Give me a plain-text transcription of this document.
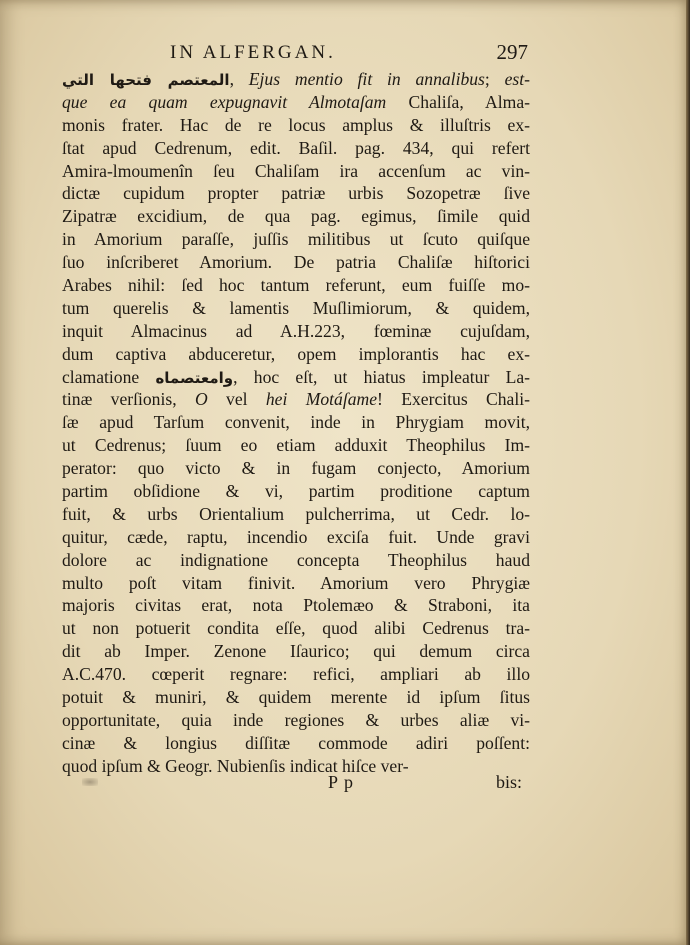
IN ALFERGAN.	297
المعتصم فتحها التي, Ejus mentio fit in annalibus; est-
que ea quam expugnavit Almotaſam Chaliſa, Alma-
monis frater. Hac de re locus amplus & illuſtris ex-
ſtat apud Cedrenum, edit. Baſil. pag. 434, qui refert
Amira-lmoumenîn ſeu Chaliſam ira accenſum ac vin-
dictæ cupidum propter patriæ urbis Sozopetræ ſive
Zipatræ excidium, de qua pag. egimus, ſimile quid
in Amorium paraſſe, juſſis militibus ut ſcuto quiſque
ſuo inſcriberet Amorium. De patria Chaliſæ hiſtorici
Arabes nihil: ſed hoc tantum referunt, eum fuiſſe mo-
tum querelis & lamentis Muſlimiorum, & quidem,
inquit Almacinus ad A.H.223, fœminæ cujuſdam,
dum captiva abduceretur, opem implorantis hac ex-
clamatione وامعتصماه, hoc eſt, ut hiatus impleatur La-
tinæ verſionis, O vel hei Motáſame! Exercitus Chali-
ſæ apud Tarſum convenit, inde in Phrygiam movit,
ut Cedrenus; ſuum eo etiam adduxit Theophilus Im-
perator: quo victo & in fugam conjecto, Amorium
partim obſidione & vi, partim proditione captum
fuit, & urbs Orientalium pulcherrima, ut Cedr. lo-
quitur, cæde, raptu, incendio exciſa fuit. Unde gravi
dolore ac indignatione concepta Theophilus haud
multo poſt vitam finivit. Amorium vero Phrygiæ
majoris civitas erat, nota Ptolemæo & Straboni, ita
ut non potuerit condita eſſe, quod alibi Cedrenus tra-
dit ab Imper. Zenone Iſaurico; qui demum circa
A.C.470. cœperit regnare: refici, ampliari ab illo
potuit & muniri, & quidem merente id ipſum ſitus
opportunitate, quia inde regiones & urbes aliæ vi-
cinæ & longius diſſitæ commode adiri poſſent:
quod ipſum & Geogr. Nubienſis indicat hiſce ver-
Pp	bis:
